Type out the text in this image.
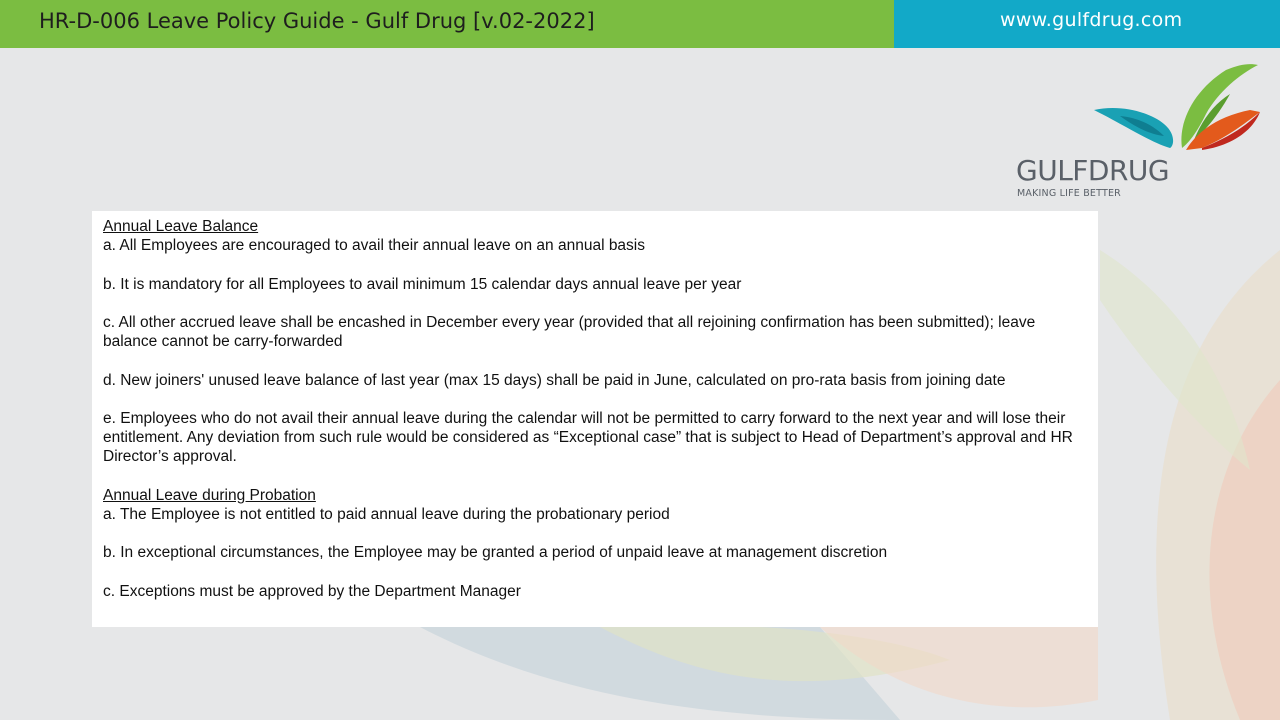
HR-D-006 Leave Policy Guide - Gulf Drug [v.02-2022]	www.gulfdrug.com
GULFDRUG
MAKING LIFE BETTER

Annual Leave Balance

a. All Employees are encouraged to avail their annual leave on an annual basis

b. It is mandatory for all Employees to avail minimum 15 calendar days annual leave per year

c. All other accrued leave shall be encashed in December every year (provided that all rejoining confirmation has been submitted); leave balance cannot be carry-forwarded

d. New joiners' unused leave balance of last year (max 15 days) shall be paid in June, calculated on pro-rata basis from joining date

e. Employees who do not avail their annual leave during the calendar will not be permitted to carry forward to the next year and will lose their entitlement. Any deviation from such rule would be considered as “Exceptional case” that is subject to Head of Department’s approval and HR Director’s approval.

Annual Leave during Probation

a. The Employee is not entitled to paid annual leave during the probationary period

b. In exceptional circumstances, the Employee may be granted a period of unpaid leave at management discretion

c. Exceptions must be approved by the Department Manager
